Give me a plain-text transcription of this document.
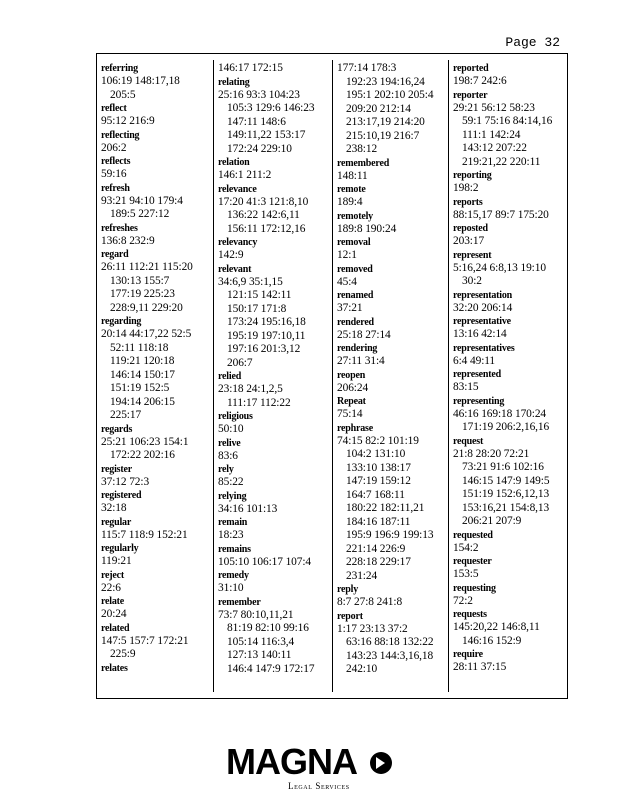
Page 32
referring
106:19 148:17,18
205:5
reflect
95:12 216:9
reflecting
206:2
reflects
59:16
refresh
93:21 94:10 179:4
189:5 227:12
refreshes
136:8 232:9
regard
26:11 112:21 115:20
130:13 155:7
177:19 225:23
228:9,11 229:20
regarding
20:14 44:17,22 52:5
52:11 118:18
119:21 120:18
146:14 150:17
151:19 152:5
194:14 206:15
225:17
regards
25:21 106:23 154:1
172:22 202:16
register
37:12 72:3
registered
32:18
regular
115:7 118:9 152:21
regularly
119:21
reject
22:6
relate
20:24
related
147:5 157:7 172:21
225:9
relates
146:17 172:15
relating
25:16 93:3 104:23
105:3 129:6 146:23
147:11 148:6
149:11,22 153:17
172:24 229:10
relation
146:1 211:2
relevance
17:20 41:3 121:8,10
136:22 142:6,11
156:11 172:12,16
relevancy
142:9
relevant
34:6,9 35:1,15
121:15 142:11
150:17 171:8
173:24 195:16,18
195:19 197:10,11
197:16 201:3,12
206:7
relied
23:18 24:1,2,5
111:17 112:22
religious
50:10
relive
83:6
rely
85:22
relying
34:16 101:13
remain
18:23
remains
105:10 106:17 107:4
remedy
31:10
remember
73:7 80:10,11,21
81:19 82:10 99:16
105:14 116:3,4
127:13 140:11
146:4 147:9 172:17
177:14 178:3
192:23 194:16,24
195:1 202:10 205:4
209:20 212:14
213:17,19 214:20
215:10,19 216:7
238:12
remembered
148:11
remote
189:4
remotely
189:8 190:24
removal
12:1
removed
45:4
renamed
37:21
rendered
25:18 27:14
rendering
27:11 31:4
reopen
206:24
Repeat
75:14
rephrase
74:15 82:2 101:19
104:2 131:10
133:10 138:17
147:19 159:12
164:7 168:11
180:22 182:11,21
184:16 187:11
195:9 196:9 199:13
221:14 226:9
228:18 229:17
231:24
reply
8:7 27:8 241:8
report
1:17 23:13 37:2
63:16 88:18 132:22
143:23 144:3,16,18
242:10
reported
198:7 242:6
reporter
29:21 56:12 58:23
59:1 75:16 84:14,16
111:1 142:24
143:12 207:22
219:21,22 220:11
reporting
198:2
reports
88:15,17 89:7 175:20
reposted
203:17
represent
5:16,24 6:8,13 19:10
30:2
representation
32:20 206:14
representative
13:16 42:14
representatives
6:4 49:11
represented
83:15
representing
46:16 169:18 170:24
171:19 206:2,16,16
request
21:8 28:20 72:21
73:21 91:6 102:16
146:15 147:9 149:5
151:19 152:6,12,13
153:16,21 154:8,13
206:21 207:9
requested
154:2
requester
153:5
requesting
72:2
requests
145:20,22 146:8,11
146:16 152:9
require
28:11 37:15
MAGNA
Legal Services
